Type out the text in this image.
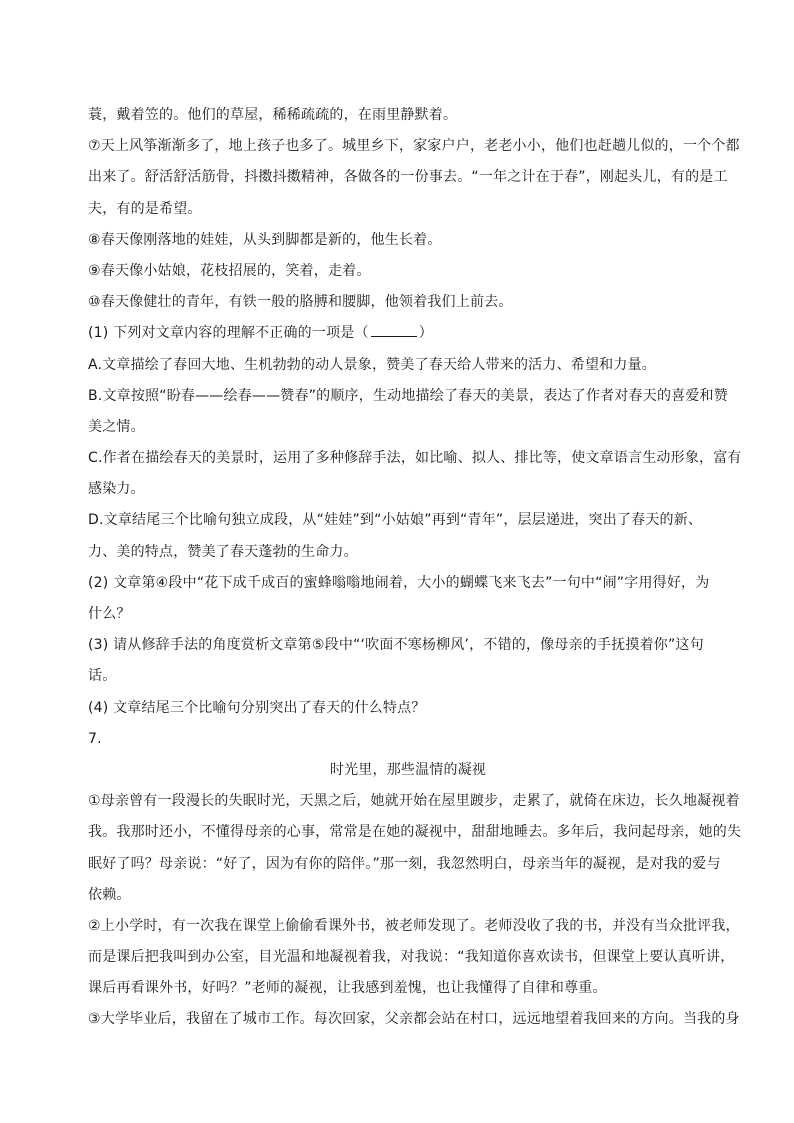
蓑，戴着笠的。他们的草屋，稀稀疏疏的，在雨里静默着。
⑦天上风筝渐渐多了，地上孩子也多了。城里乡下，家家户户，老老小小，他们也赶趟儿似的，一个个都
出来了。舒活舒活筋骨，抖擞抖擞精神，各做各的一份事去。“一年之计在于春”，刚起头儿，有的是工
夫，有的是希望。
⑧春天像刚落地的娃娃，从头到脚都是新的，他生长着。
⑨春天像小姑娘，花枝招展的，笑着，走着。
⑩春天像健壮的青年，有铁一般的胳膊和腰脚，他领着我们上前去。
(1) 下列对文章内容的理解不正确的一项是（	）
A.文章描绘了春回大地、生机勃勃的动人景象，赞美了春天给人带来的活力、希望和力量。
B.文章按照“盼春——绘春——赞春”的顺序，生动地描绘了春天的美景，表达了作者对春天的喜爱和赞
美之情。
C.作者在描绘春天的美景时，运用了多种修辞手法，如比喻、拟人、排比等，使文章语言生动形象，富有
感染力。
D.文章结尾三个比喻句独立成段，从“娃娃”到“小姑娘”再到“青年”，层层递进，突出了春天的新、
力、美的特点，赞美了春天蓬勃的生命力。
(2) 文章第④段中“花下成千成百的蜜蜂嗡嗡地闹着，大小的蝴蝶飞来飞去”一句中“闹”字用得好，为
什么？
(3) 请从修辞手法的角度赏析文章第⑤段中“‘吹面不寒杨柳风’，不错的，像母亲的手抚摸着你”这句
话。
(4) 文章结尾三个比喻句分别突出了春天的什么特点？
7.
时光里，那些温情的凝视
①母亲曾有一段漫长的失眠时光，天黑之后，她就开始在屋里踱步，走累了，就倚在床边，长久地凝视着
我。我那时还小，不懂得母亲的心事，常常是在她的凝视中，甜甜地睡去。多年后，我问起母亲，她的失
眠好了吗？母亲说：“好了，因为有你的陪伴。”那一刻，我忽然明白，母亲当年的凝视，是对我的爱与
依赖。
②上小学时，有一次我在课堂上偷偷看课外书，被老师发现了。老师没收了我的书，并没有当众批评我，
而是课后把我叫到办公室，目光温和地凝视着我，对我说：“我知道你喜欢读书，但课堂上要认真听讲，
课后再看课外书，好吗？”老师的凝视，让我感到羞愧，也让我懂得了自律和尊重。
③大学毕业后，我留在了城市工作。每次回家，父亲都会站在村口，远远地望着我回来的方向。当我的身
